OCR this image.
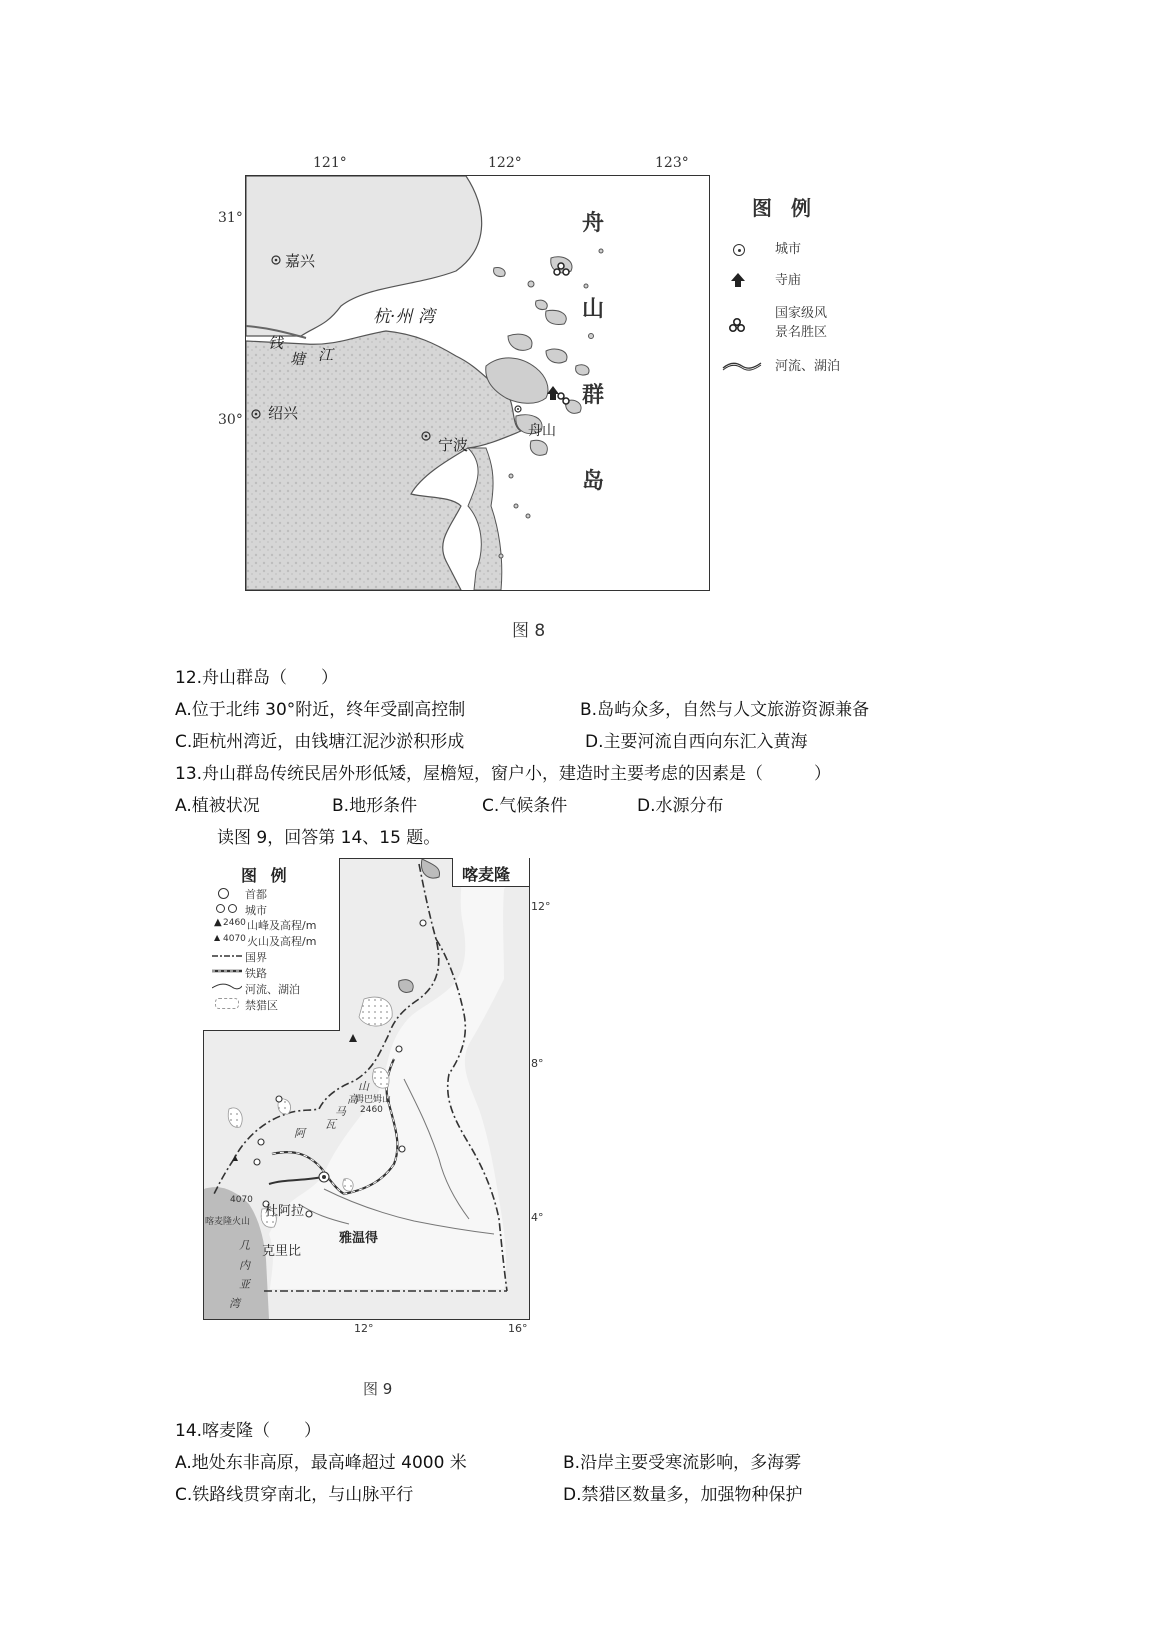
121°	122°	123°
31°
30°
嘉兴
杭·州 湾
钱
塘 江
绍兴
宁波
舟山
舟
山
群
岛
图 例
城市
寺庙
国家级风
景名胜区
河流、湖泊
图 8
12.舟山群岛（　　）
A.位于北纬 30°附近，终年受副高控制	B.岛屿众多，自然与人文旅游资源兼备
C.距杭州湾近，由钱塘江泥沙淤积形成	D.主要河流自西向东汇入黄海
13.舟山群岛传统民居外形低矮，屋檐短，窗户小，建造时主要考虑的因素是（　　　）
A.植被状况	B.地形条件	C.气候条件	D.水源分布
读图 9，回答第 14、15 题。
图 例
首都
城市
▲ 2460 山峰及高程/m
▲ 4070 火山及高程/m
国界
铁路
河流、湖泊
禁猎区
喀麦隆
12°
8°
4°
12°	16°
山
高
马
瓦
姆巴姆山
2460
阿
4070
喀麦隆火山
杜阿拉
克里比
雅温得
几
内
亚
湾
图 9
14.喀麦隆（　　）
A.地处东非高原，最高峰超过 4000 米	B.沿岸主要受寒流影响，多海雾
C.铁路线贯穿南北，与山脉平行	D.禁猎区数量多，加强物种保护
